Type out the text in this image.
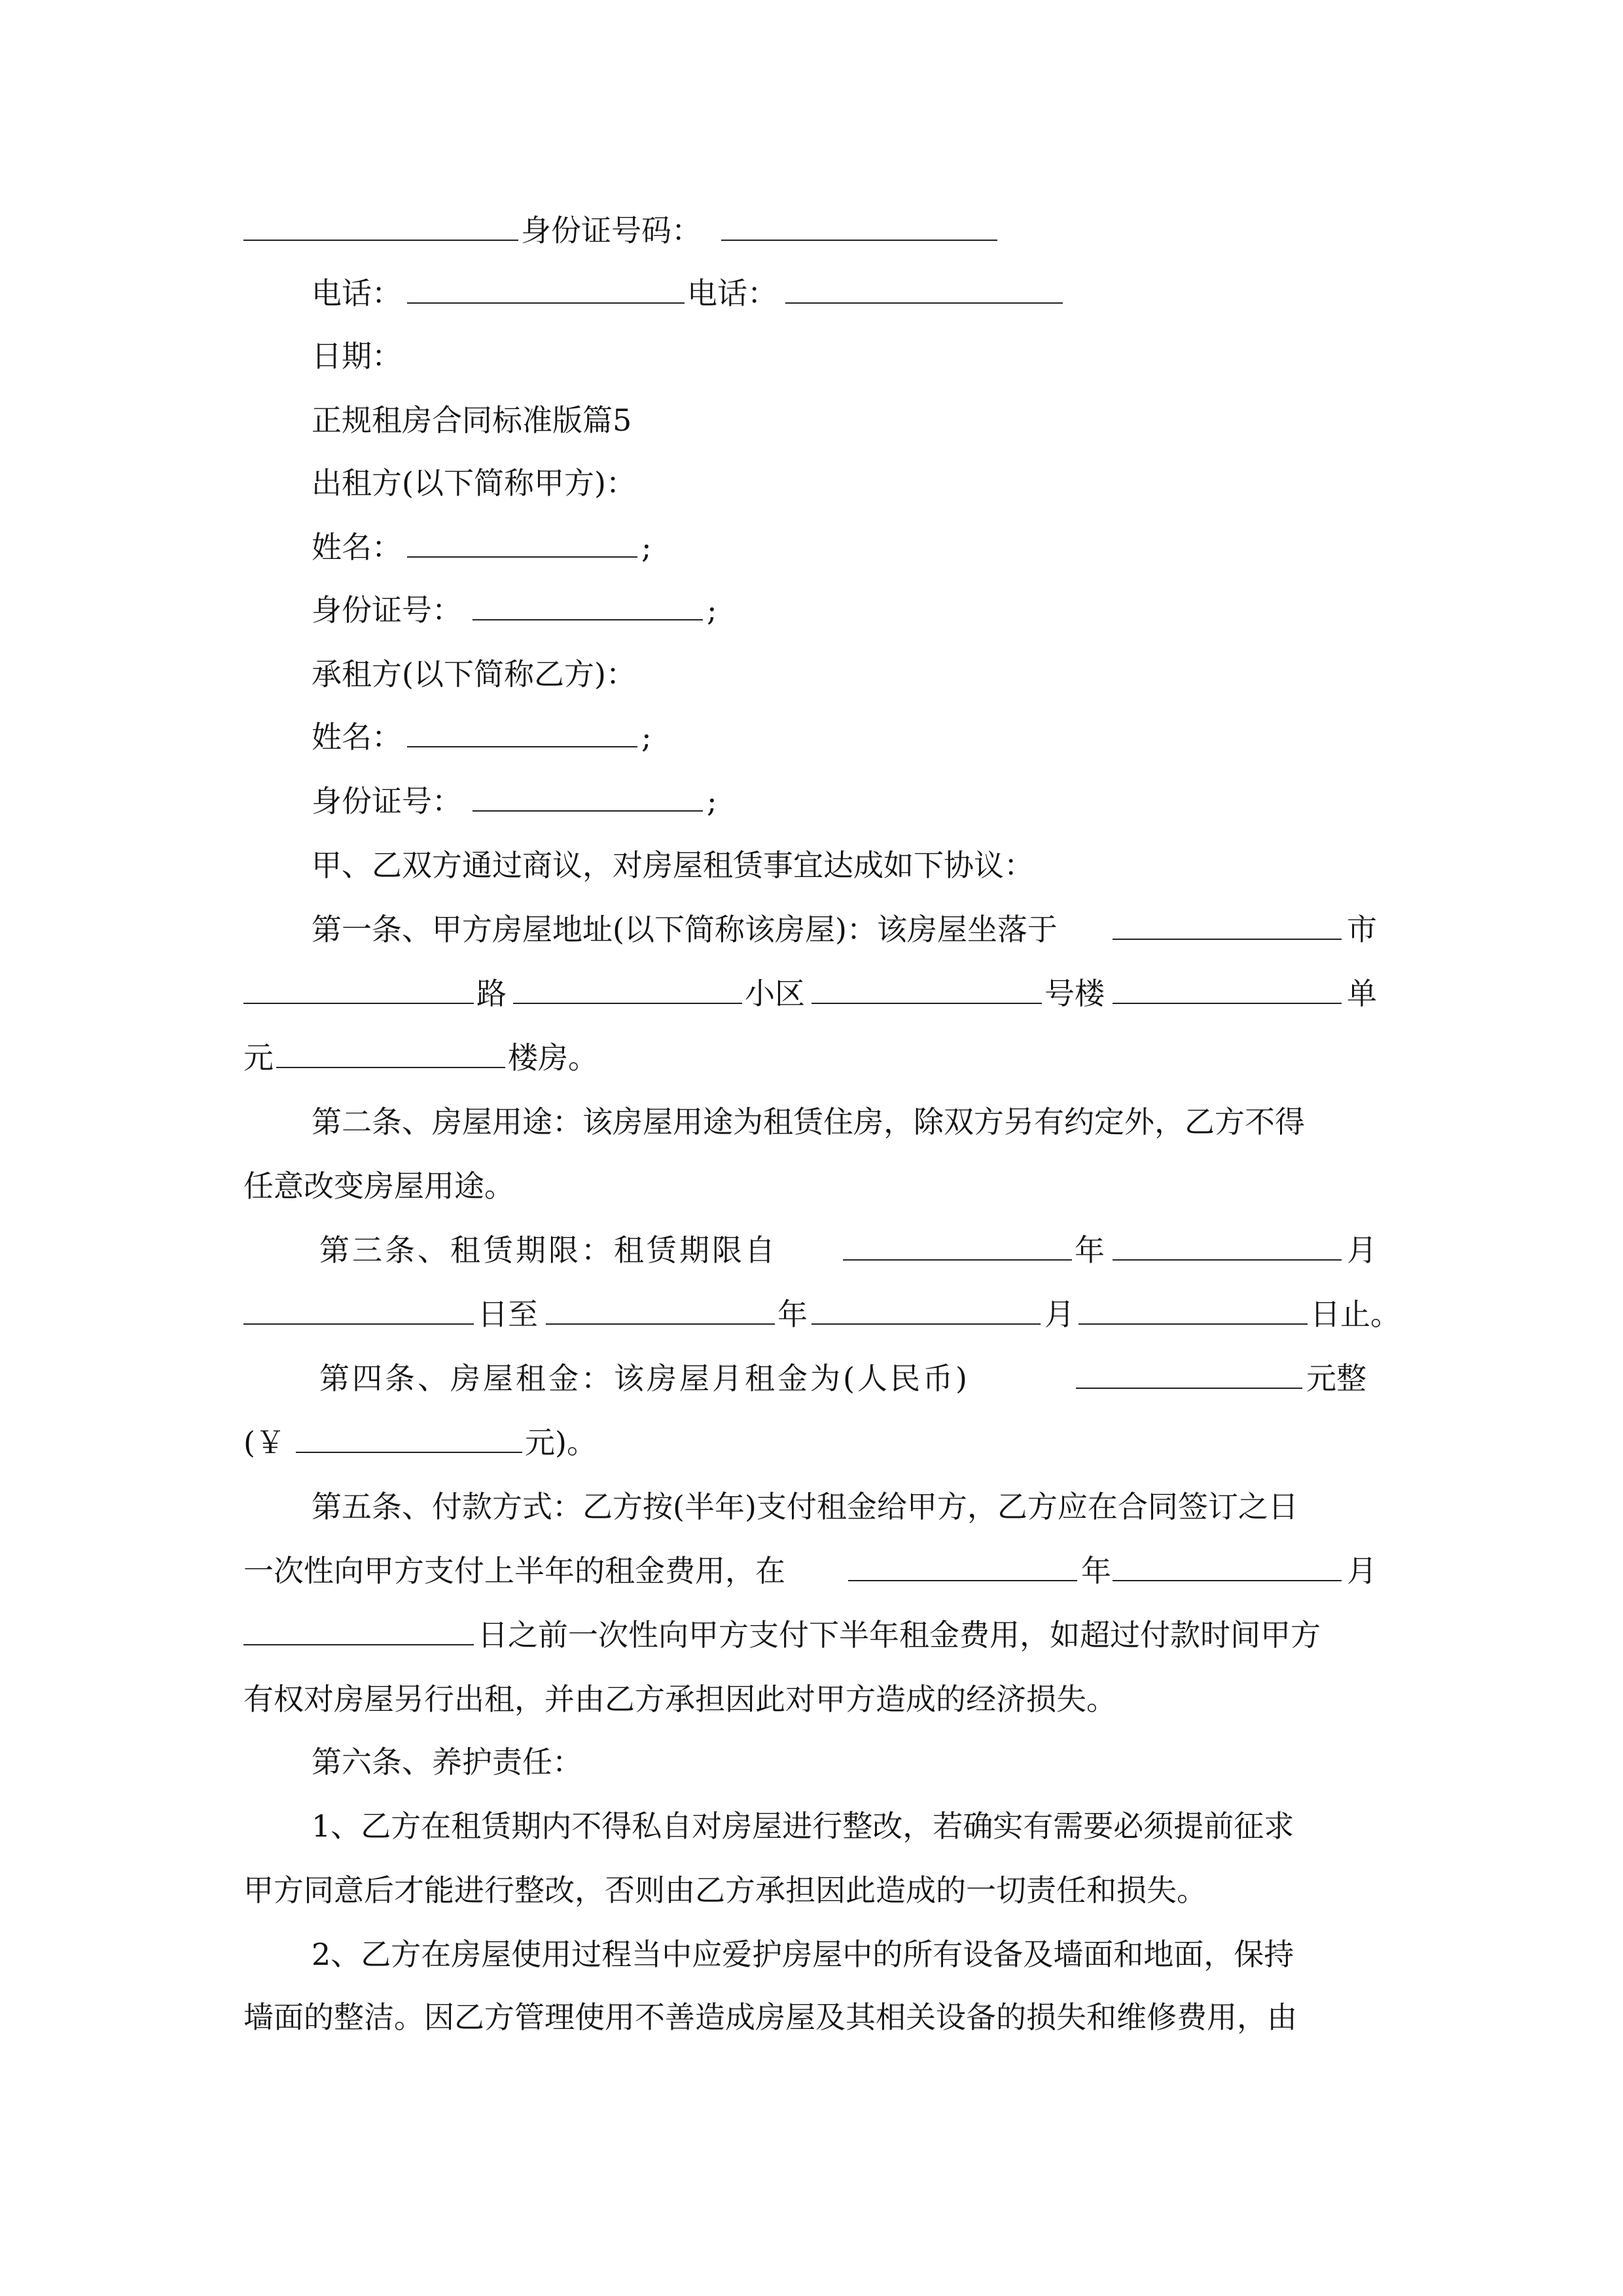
身份证号码：
电话：	电话：
日期：
正规租房合同标准版篇5
出租方(以下简称甲方)：
姓名：	;
身份证号：	;
承租方(以下简称乙方)：
姓名：	;
身份证号：	;
甲、乙双方通过商议，对房屋租赁事宜达成如下协议：
第一条、甲方房屋地址(以下简称该房屋)：该房屋坐落于	市
路	小区	号楼	单
元	楼房。
第二条、房屋用途：该房屋用途为租赁住房，除双方另有约定外，乙方不得
任意改变房屋用途。
第三条、租赁期限：租赁期限自	年	月
日至	年	月	日止。
第四条、房屋租金：该房屋月租金为(人民币)	元整
(￥	元)。
第五条、付款方式：乙方按(半年)支付租金给甲方，乙方应在合同签订之日
一次性向甲方支付上半年的租金费用，在	年	月
日之前一次性向甲方支付下半年租金费用，如超过付款时间甲方
有权对房屋另行出租，并由乙方承担因此对甲方造成的经济损失。
第六条、养护责任：
1、乙方在租赁期内不得私自对房屋进行整改，若确实有需要必须提前征求
甲方同意后才能进行整改，否则由乙方承担因此造成的一切责任和损失。
2、乙方在房屋使用过程当中应爱护房屋中的所有设备及墙面和地面，保持
墙面的整洁。因乙方管理使用不善造成房屋及其相关设备的损失和维修费用，由
